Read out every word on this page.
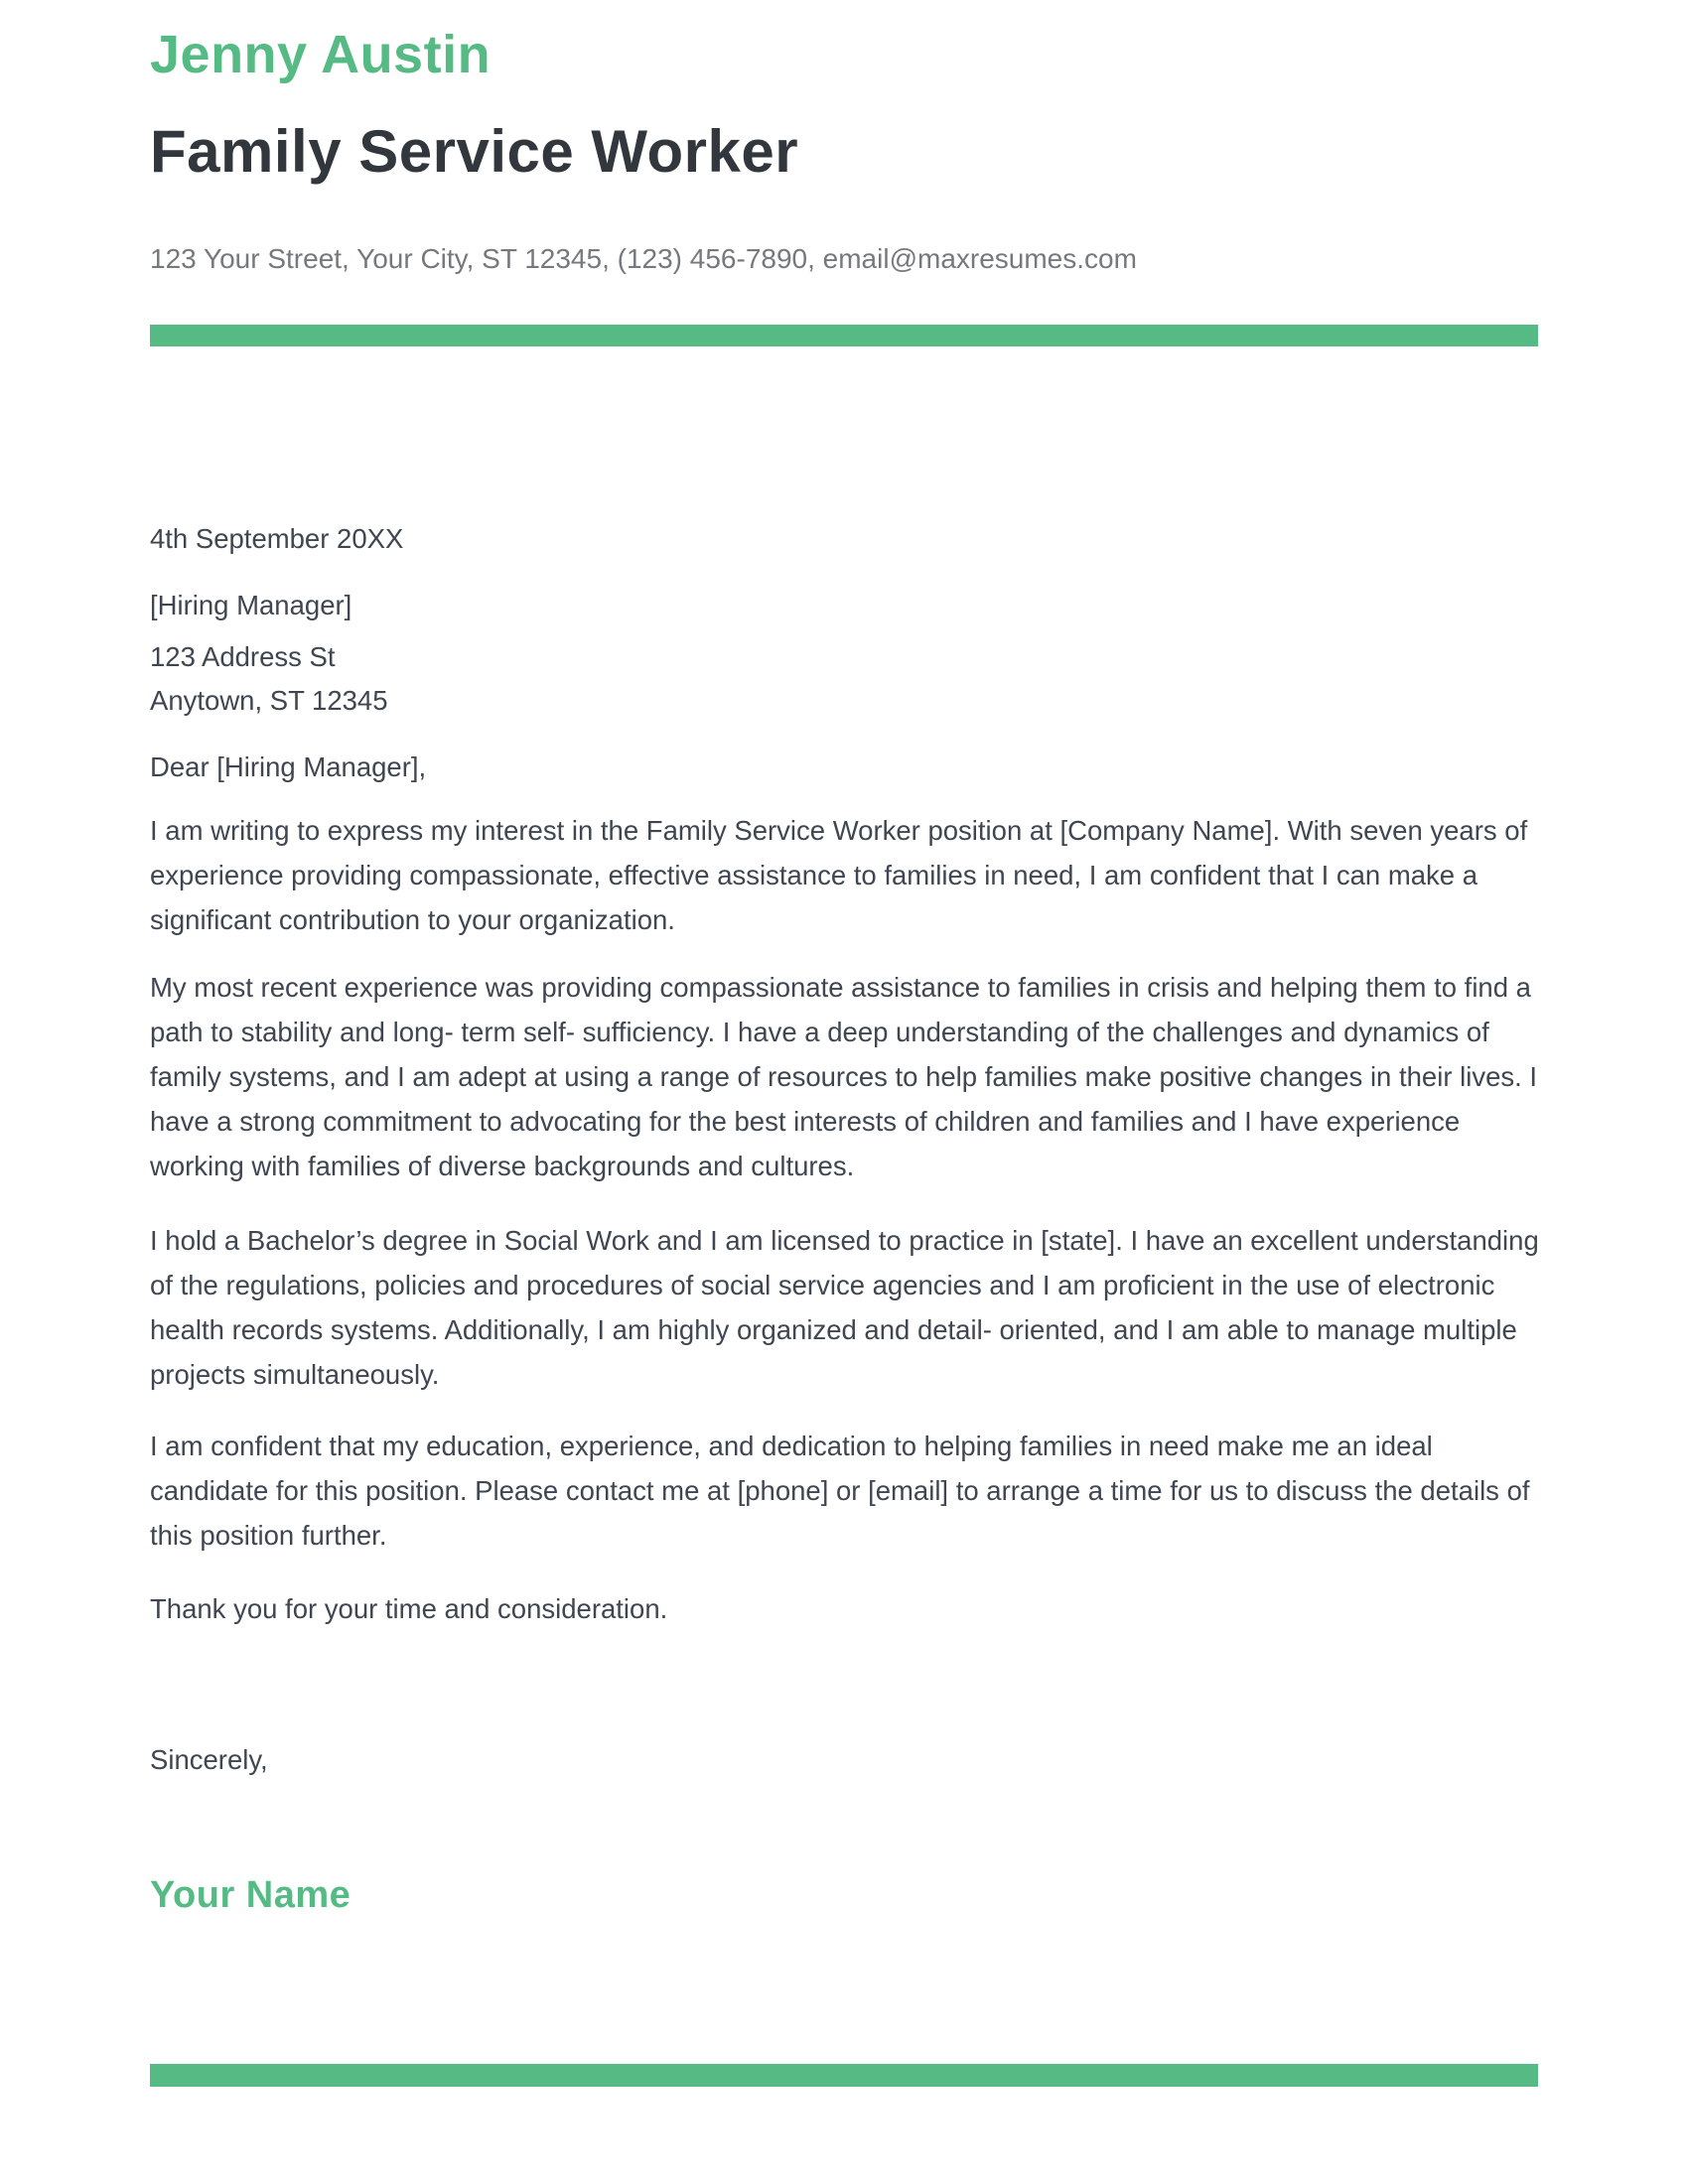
Jenny Austin
Family Service Worker
123 Your Street, Your City, ST 12345, (123) 456-7890, email@maxresumes.com
4th September 20XX
[Hiring Manager]
123 Address St
Anytown, ST 12345
Dear [Hiring Manager],

I am writing to express my interest in the Family Service Worker position at [Company Name]. With seven years of experience providing compassionate, effective assistance to families in need, I am confident that I can make a significant contribution to your organization.

My most recent experience was providing compassionate assistance to families in crisis and helping them to find a path to stability and long- term self- sufficiency. I have a deep understanding of the challenges and dynamics of family systems, and I am adept at using a range of resources to help families make positive changes in their lives. I have a strong commitment to advocating for the best interests of children and families and I have experience working with families of diverse backgrounds and cultures.

I hold a Bachelor’s degree in Social Work and I am licensed to practice in [state]. I have an excellent understanding of the regulations, policies and procedures of social service agencies and I am proficient in the use of electronic health records systems. Additionally, I am highly organized and detail- oriented, and I am able to manage multiple projects simultaneously.

I am confident that my education, experience, and dedication to helping families in need make me an ideal candidate for this position. Please contact me at [phone] or [email] to arrange a time for us to discuss the details of this position further.

Thank you for your time and consideration.
Sincerely,
Your Name
